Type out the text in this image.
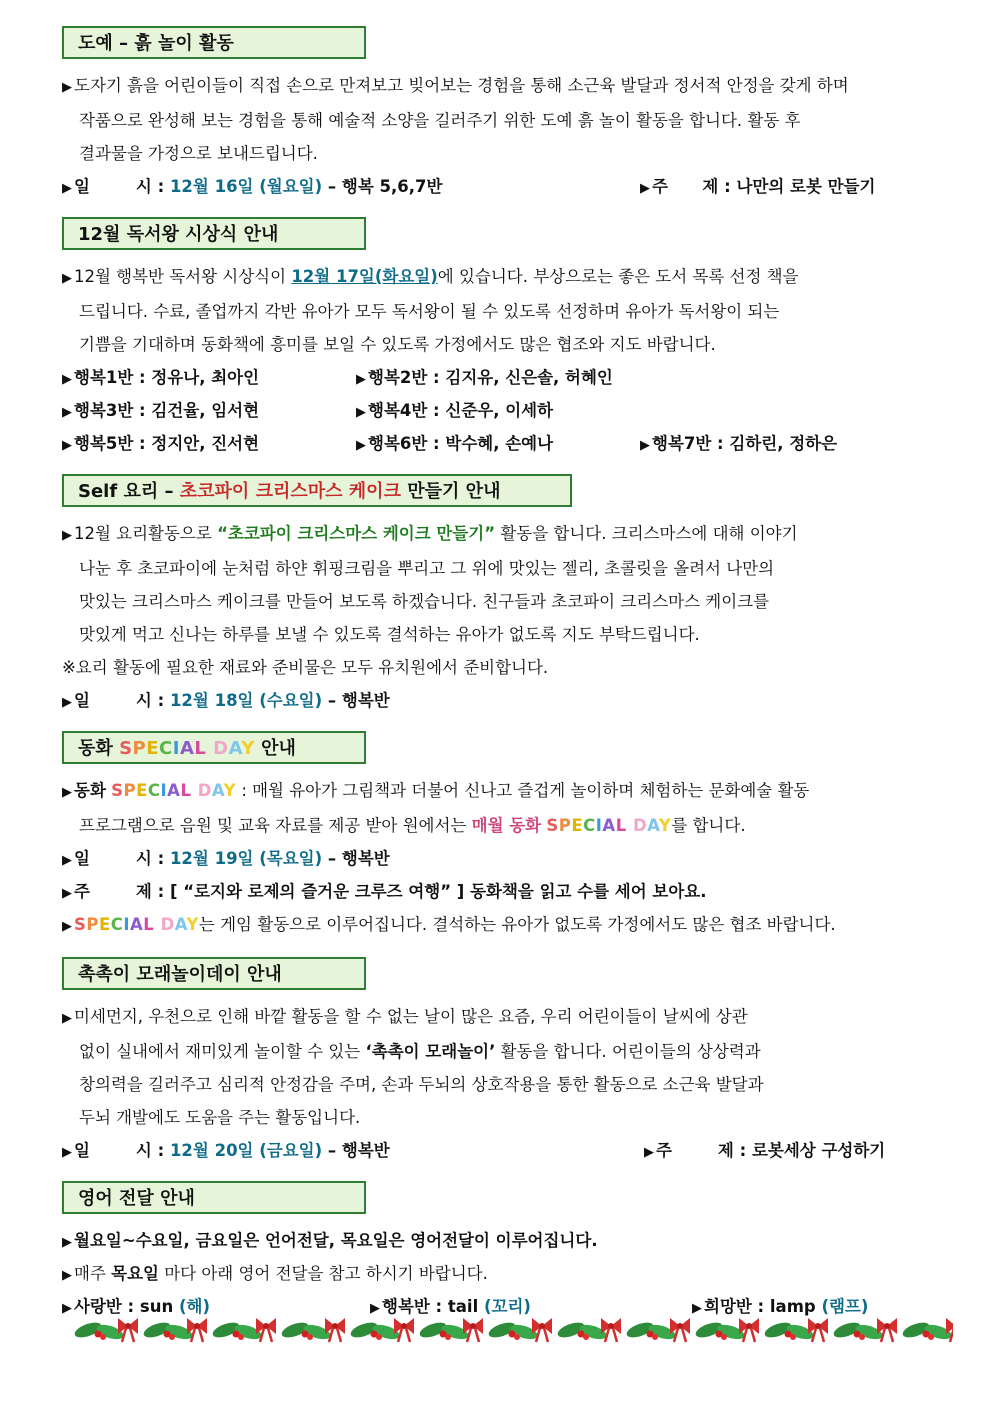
도예 – 흙 놀이 활동
▶ 도자기 흙을 어린이들이 직접 손으로 만져보고 빚어보는 경험을 통해 소근육 발달과 정서적 안정을 갖게 하며
작품으로 완성해 보는 경험을 통해 예술적 소양을 길러주기 위한 도예 흙 놀이 활동을 합니다. 활동 후
결과물을 가정으로 보내드립니다.
▶ 일        시 : 12월 16일 (월요일) – 행복 5,6,7반	▶ 주      제 : 나만의 로봇 만들기
12월 독서왕 시상식 안내
▶ 12월 행복반 독서왕 시상식이 12월 17일(화요일)에 있습니다. 부상으로는 좋은 도서 목록 선정 책을
드립니다. 수료, 졸업까지 각반 유아가 모두 독서왕이 될 수 있도록 선정하며 유아가 독서왕이 되는
기쁨을 기대하며 동화책에 흥미를 보일 수 있도록 가정에서도 많은 협조와 지도 바랍니다.
▶ 행복1반 : 정유나, 최아인	▶ 행복2반 : 김지유, 신은솔, 허혜인
▶ 행복3반 : 김건율, 임서현	▶ 행복4반 : 신준우, 이세하
▶ 행복5반 : 정지안, 진서현	▶ 행복6반 : 박수혜, 손예나	▶ 행복7반 : 김하린, 정하은
Self 요리 – 초코파이 크리스마스 케이크 만들기 안내
▶ 12월 요리활동으로 “초코파이 크리스마스 케이크 만들기” 활동을 합니다. 크리스마스에 대해 이야기
나눈 후 초코파이에 눈처럼 하얀 휘핑크림을 뿌리고 그 위에 맛있는 젤리, 초콜릿을 올려서 나만의
맛있는 크리스마스 케이크를 만들어 보도록 하겠습니다. 친구들과 초코파이 크리스마스 케이크를
맛있게 먹고 신나는 하루를 보낼 수 있도록 결석하는 유아가 없도록 지도 부탁드립니다.
※요리 활동에 필요한 재료와 준비물은 모두 유치원에서 준비합니다.
▶ 일        시 : 12월 18일 (수요일) – 행복반
동화 SPECIAL DAY 안내
▶ 동화 SPECIAL DAY : 매월 유아가 그림책과 더불어 신나고 즐겁게 놀이하며 체험하는 문화예술 활동
프로그램으로 음원 및 교육 자료를 제공 받아 원에서는 매월 동화 SPECIAL DAY를 합니다.
▶ 일        시 : 12월 19일 (목요일) – 행복반
▶ 주        제 : [ “로지와 로제의 즐거운 크루즈 여행” ] 동화책을 읽고 수를 세어 보아요.
▶ SPECIAL DAY는 게임 활동으로 이루어집니다. 결석하는 유아가 없도록 가정에서도 많은 협조 바랍니다.
촉촉이 모래놀이데이 안내
▶ 미세먼지, 우천으로 인해 바깥 활동을 할 수 없는 날이 많은 요즘, 우리 어린이들이 날씨에 상관
없이 실내에서 재미있게 놀이할 수 있는 ‘촉촉이 모래놀이’ 활동을 합니다. 어린이들의 상상력과
창의력을 길러주고 심리적 안정감을 주며, 손과 두뇌의 상호작용을 통한 활동으로 소근육 발달과
두뇌 개발에도 도움을 주는 활동입니다.
▶ 일        시 : 12월 20일 (금요일) – 행복반	▶ 주        제 : 로봇세상 구성하기
영어 전달 안내
▶ 월요일~수요일, 금요일은 언어전달, 목요일은 영어전달이 이루어집니다.
▶ 매주 목요일 마다 아래 영어 전달을 참고 하시기 바랍니다.
▶ 사랑반 : sun (해)	▶ 행복반 : tail (꼬리)	▶ 희망반 : lamp (램프)
